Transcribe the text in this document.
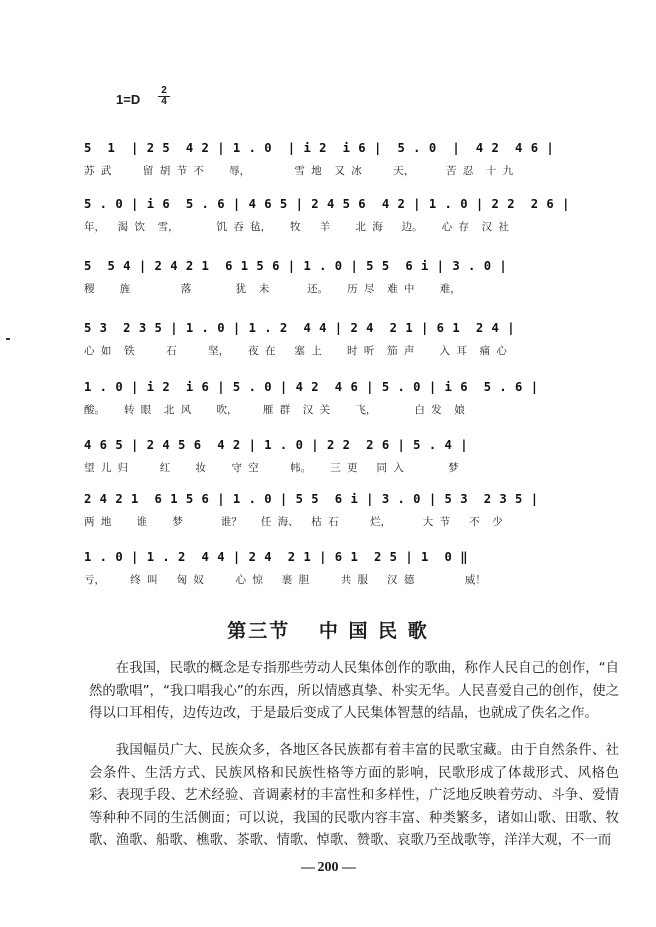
1=D
2
4
5  1  | 2 5  4 2 | 1 . 0  | i 2  i 6 |  5 . 0  |  4 2  4 6 |
苏 武     留 胡 节 不    辱，       雪 地  又 冰     天，     苦 忍  十 九
5 . 0 | i 6  5 . 6 | 4 6 5 | 2 4 5 6  4 2 | 1 . 0 | 2 2  2 6 |
年，  渴 饮  雪，      饥 吞 毡，   牧   羊    北 海   边。   心 存  汉 社
5  5 4 | 2 4 2 1  6 1 5 6 | 1 . 0 | 5 5  6 i | 3 . 0 |
稷    旌        落       犹  未      还。   历 尽  难 中    难，
5 3  2 3 5 | 1 . 0 | 1 . 2  4 4 | 2 4  2 1 | 6 1  2 4 |
心 如  铁     石     坚，   夜 在   塞 上    时 听  笳 声    入 耳  痛 心
1 . 0 | i 2  i 6 | 5 . 0 | 4 2  4 6 | 5 . 0 | i 6  5 . 6 |
酸。   转 眼  北 风    吹，    雁 群  汉 关    飞，      白 发  娘
4 6 5 | 2 4 5 6  4 2 | 1 . 0 | 2 2  2 6 | 5 . 4 |
望 儿 归     红    妆    守 空     帏。   三 更   同 入       梦
2 4 2 1  6 1 5 6 | 1 . 0 | 5 5  6 i | 3 . 0 | 5 3  2 3 5 |
两 地    谁    梦      谁？   任 海、  枯 石     烂，     大 节   不  少
1 . 0 | 1 . 2  4 4 | 2 4  2 1 | 6 1  2 5 | 1  0 ‖
亏，    终 叫   匈 奴     心 惊   裹 胆     共 服   汉 德        威！
第三节 中 国 民 歌

在我国，民歌的概念是专指那些劳动人民集体创作的歌曲，称作人民自己的创作，“自然的歌唱”，“我口唱我心”的东西，所以情感真挚、朴实无华。人民喜爱自己的创作，使之得以口耳相传，边传边改，于是最后变成了人民集体智慧的结晶，也就成了佚名之作。

我国幅员广大、民族众多，各地区各民族都有着丰富的民歌宝藏。由于自然条件、社会条件、生活方式、民族风格和民族性格等方面的影响，民歌形成了体裁形式、风格色彩、表现手段、艺术经验、音调素材的丰富性和多样性，广泛地反映着劳动、斗争、爱情等种种不同的生活侧面；可以说，我国的民歌内容丰富、种类繁多，诸如山歌、田歌、牧歌、渔歌、船歌、樵歌、茶歌、情歌、悼歌、赞歌、哀歌乃至战歌等，洋洋大观，不一而

— 200 —
